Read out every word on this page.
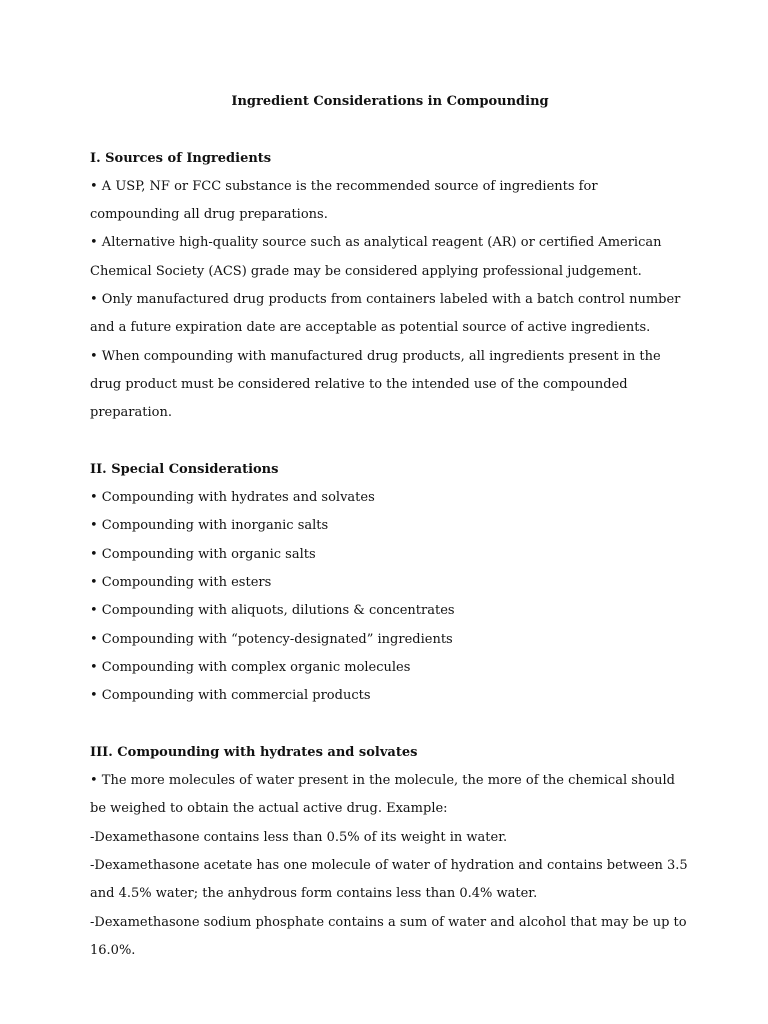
Ingredient Considerations in Compounding

I. Sources of Ingredients

• A USP, NF or FCC substance is the recommended source of ingredients for compounding all drug preparations.

• Alternative high-quality source such as analytical reagent (AR) or certified American Chemical Society (ACS) grade may be considered applying professional judgement.

• Only manufactured drug products from containers labeled with a batch control number and a future expiration date are acceptable as potential source of active ingredients.

• When compounding with manufactured drug products, all ingredients present in the drug product must be considered relative to the intended use of the compounded preparation.

II. Special Considerations

• Compounding with hydrates and solvates

• Compounding with inorganic salts

• Compounding with organic salts

• Compounding with esters

• Compounding with aliquots, dilutions & concentrates

• Compounding with “potency-designated” ingredients

• Compounding with complex organic molecules

• Compounding with commercial products

III. Compounding with hydrates and solvates

• The more molecules of water present in the molecule, the more of the chemical should be weighed to obtain the actual active drug. Example:

-Dexamethasone contains less than 0.5% of its weight in water.

-Dexamethasone acetate has one molecule of water of hydration and contains between 3.5 and 4.5% water; the anhydrous form contains less than 0.4% water.

-Dexamethasone sodium phosphate contains a sum of water and alcohol that may be up to 16.0%.
